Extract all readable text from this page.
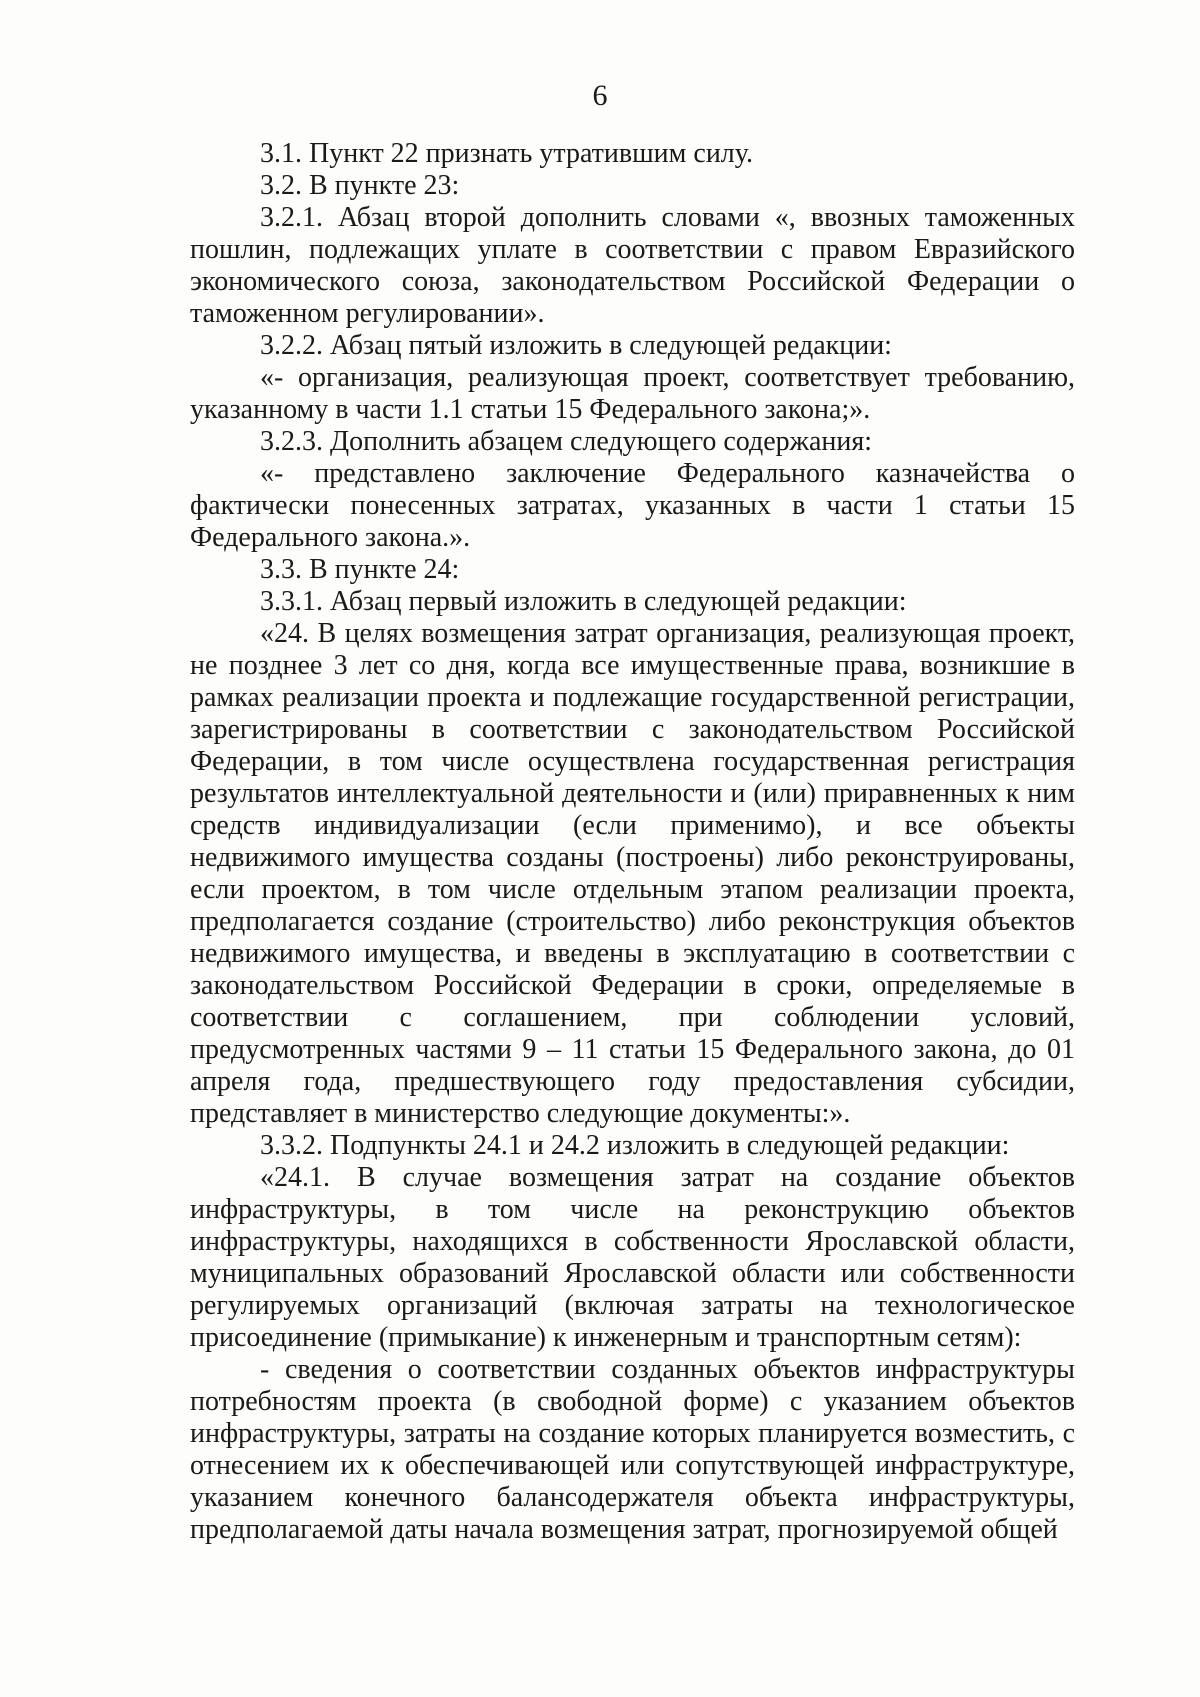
6

3.1. Пункт 22 признать утратившим силу.

3.2. В пункте 23:

3.2.1. Абзац второй дополнить словами «, ввозных таможенных пошлин, подлежащих уплате в соответствии с правом Евразийского экономического союза, законодательством Российской Федерации о таможенном регулировании».

3.2.2. Абзац пятый изложить в следующей редакции:

«- организация, реализующая проект, соответствует требованию, указанному в части 1.1 статьи 15 Федерального закона;».

3.2.3. Дополнить абзацем следующего содержания:

«- представлено заключение Федерального казначейства о фактически понесенных затратах, указанных в части 1 статьи 15 Федерального закона.».

3.3. В пункте 24:

3.3.1. Абзац первый изложить в следующей редакции:

«24. В целях возмещения затрат организация, реализующая проект, не позднее 3 лет со дня, когда все имущественные права, возникшие в рамках реализации проекта и подлежащие государственной регистрации, зарегистрированы в соответствии с законодательством Российской Федерации, в том числе осуществлена государственная регистрация результатов интеллектуальной деятельности и (или) приравненных к ним средств индивидуализации (если применимо), и все объекты недвижимого имущества созданы (построены) либо реконструированы, если проектом, в том числе отдельным этапом реализации проекта, предполагается создание (строительство) либо реконструкция объектов недвижимого имущества, и введены в эксплуатацию в соответствии с законодательством Российской Федерации в сроки, определяемые в соответствии с соглашением, при соблюдении условий, предусмотренных частями 9 – 11 статьи 15 Федерального закона, до 01 апреля года, предшествующего году предоставления субсидии, представляет в министерство следующие документы:».

3.3.2. Подпункты 24.1 и 24.2 изложить в следующей редакции:

«24.1. В случае возмещения затрат на создание объектов инфраструктуры, в том числе на реконструкцию объектов инфраструктуры, находящихся в собственности Ярославской области, муниципальных образований Ярославской области или собственности регулируемых организаций (включая затраты на технологическое присоединение (примыкание) к инженерным и транспортным сетям):

- сведения о соответствии созданных объектов инфраструктуры потребностям проекта (в свободной форме) с указанием объектов инфраструктуры, затраты на создание которых планируется возместить, с отнесением их к обеспечивающей или сопутствующей инфраструктуре, указанием конечного балансодержателя объекта инфраструктуры, предполагаемой даты начала возмещения затрат, прогнозируемой общей
